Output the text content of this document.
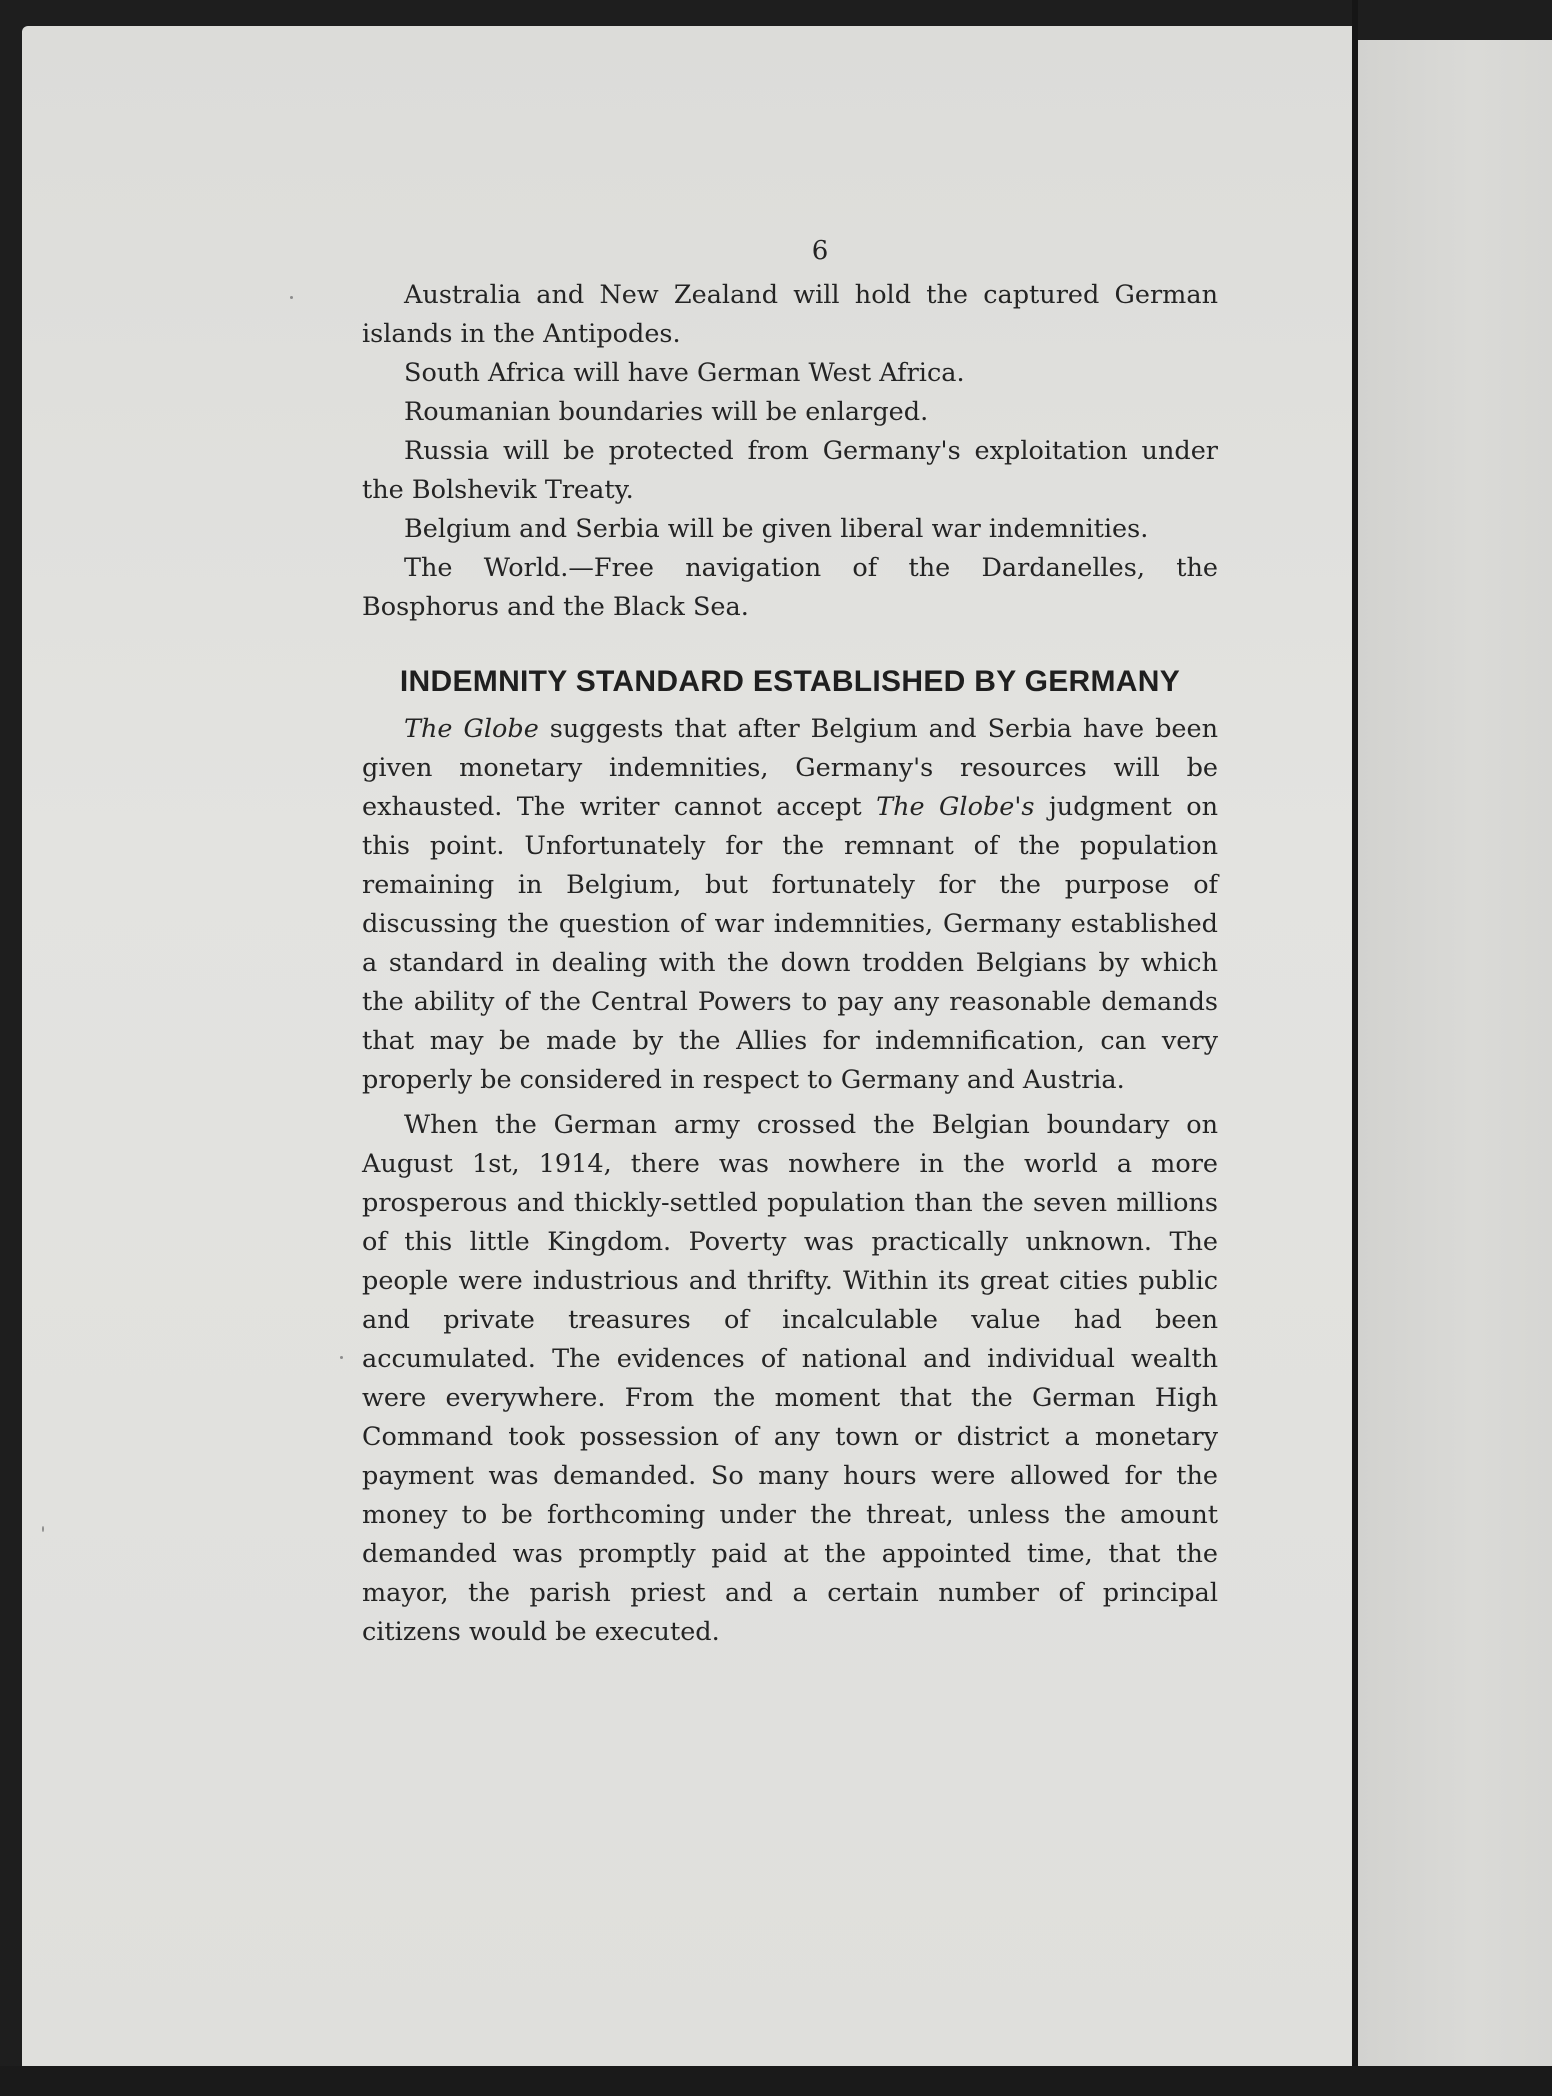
6

Australia and New Zealand will hold the captured German islands in the Antipodes.

South Africa will have German West Africa.

Roumanian boundaries will be enlarged.

Russia will be protected from Germany's exploitation under the Bolshevik Treaty.

Belgium and Serbia will be given liberal war indemnities.

The World.—Free navigation of the Dardanelles, the Bosphorus and the Black Sea.

INDEMNITY STANDARD ESTABLISHED BY GERMANY

The Globe suggests that after Belgium and Serbia have been given monetary indemnities, Germany's resources will be exhausted. The writer cannot accept The Globe's judgment on this point. Unfortunately for the remnant of the population remaining in Belgium, but fortunately for the purpose of discussing the question of war indemnities, Germany established a standard in dealing with the down trodden Belgians by which the ability of the Central Powers to pay any reasonable demands that may be made by the Allies for indemnification, can very properly be considered in respect to Germany and Austria.

When the German army crossed the Belgian boundary on August 1st, 1914, there was nowhere in the world a more prosperous and thickly-settled population than the seven millions of this little Kingdom. Poverty was practically unknown. The people were industrious and thrifty. Within its great cities public and private treasures of incalculable value had been accumulated. The evidences of national and individual wealth were everywhere. From the moment that the German High Command took possession of any town or district a monetary payment was demanded. So many hours were allowed for the money to be forthcoming under the threat, unless the amount demanded was promptly paid at the appointed time, that the mayor, the parish priest and a certain number of principal citizens would be executed.
